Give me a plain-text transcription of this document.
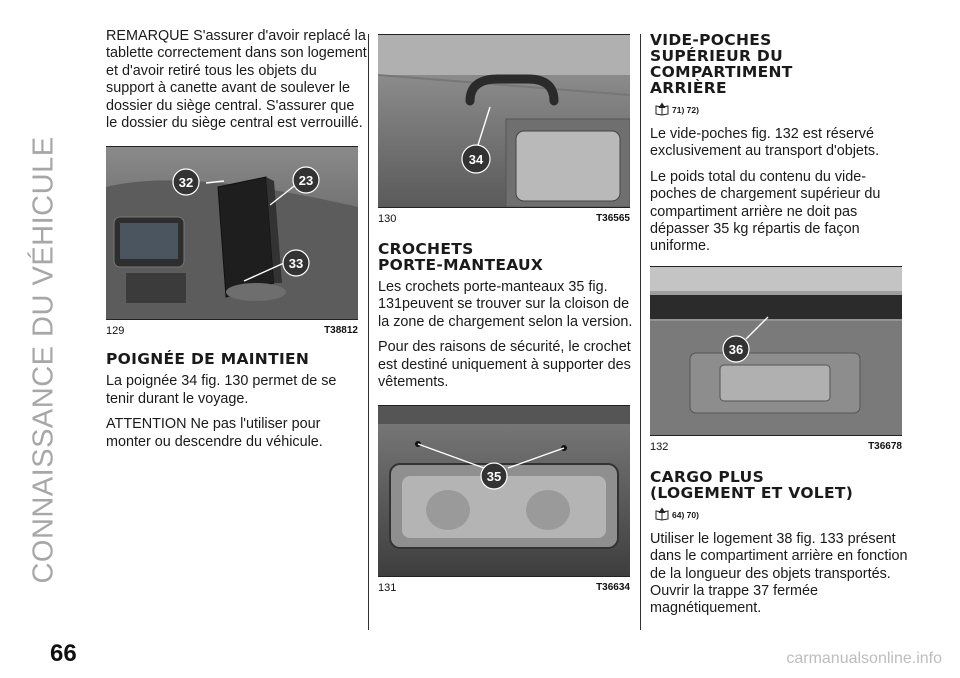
CONNAISSANCE DU VÉHICULE
66	carmanualsonline.info

REMARQUE S'assurer d'avoir replacé la tablette correctement dans son logement et d'avoir retiré tous les objets du support à canette avant de soulever le dossier du siège central. S'assurer que le dossier du siège central est verrouillé.

32	23
33
129	T38812
POIGNÉE DE MAINTIEN

La poignée 34 fig. 130 permet de se tenir durant le voyage.

ATTENTION Ne pas l'utiliser pour monter ou descendre du véhicule.

34
130	T36565
CROCHETS
PORTE-MANTEAUX

Les crochets porte-manteaux 35 fig. 131peuvent se trouver sur la cloison de la zone de chargement selon la version.

Pour des raisons de sécurité, le crochet est destiné uniquement à supporter des vêtements.

35
131	T36634
VIDE-POCHES
SUPÉRIEUR DU
COMPARTIMENT
ARRIÈRE
71) 72)

Le vide-poches fig. 132 est réservé exclusivement au transport d'objets.

Le poids total du contenu du vide-poches de chargement supérieur du compartiment arrière ne doit pas dépasser 35 kg répartis de façon uniforme.

36
132	T36678
CARGO PLUS
(LOGEMENT ET VOLET)
64) 70)

Utiliser le logement 38 fig. 133 présent dans le compartiment arrière en fonction de la longueur des objets transportés. Ouvrir la trappe 37 fermée magnétiquement.
